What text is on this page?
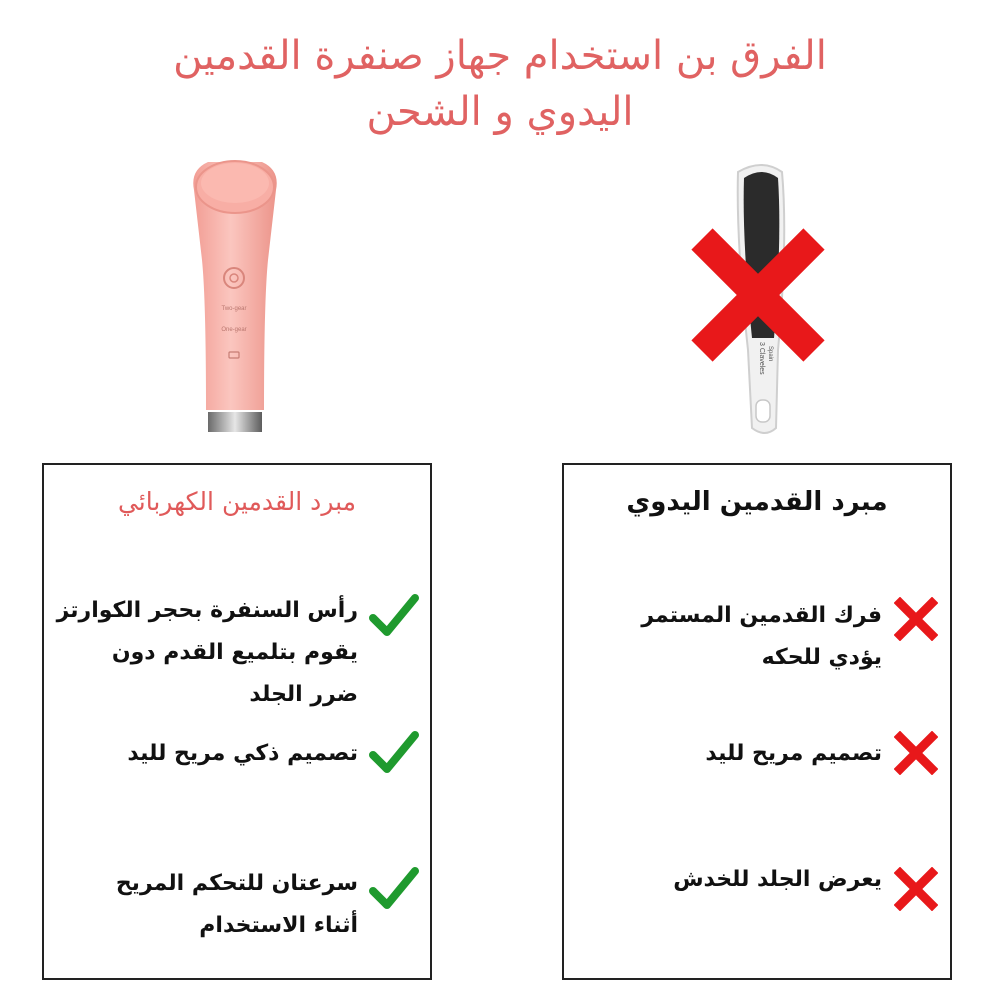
الفرق بن استخدام جهاز صنفرة القدمين
اليدوي و الشحن
Two-gear
One-gear
3 Claveles Spain
مبرد القدمين الكهربائي
رأس السنفرة بحجر الكوارتز
يقوم بتلميع القدم دون
ضرر الجلد
تصميم ذكي مريح لليد
سرعتان للتحكم المريح
أثناء الاستخدام
مبرد القدمين اليدوي
فرك القدمين المستمر
يؤدي للحكه
تصميم مريح لليد
يعرض الجلد للخدش
